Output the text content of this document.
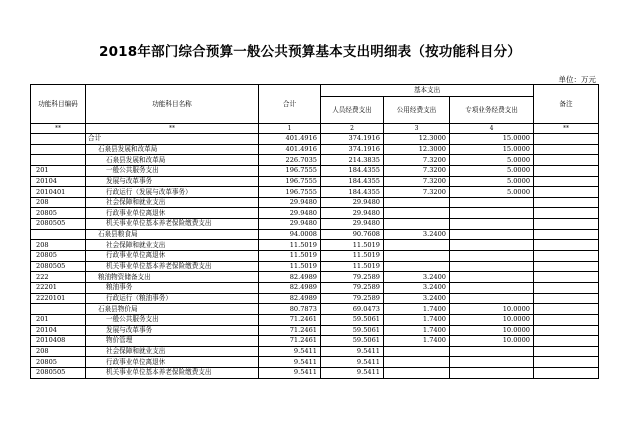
2018年部门综合预算一般公共预算基本支出明细表（按功能科目分）
单位：万元
功能科目编码	功能科目名称	合计	基本支出			备注
			人员经费支出	公用经费支出	专项业务经费支出	
**	**	1	2	3	4	**
	合计	401.4916	374.1916	12.3000	15.0000	
	石泉县发展和改革局	401.4916	374.1916	12.3000	15.0000	
	石泉县发展和改革局	226.7035	214.3835	7.3200	5.0000	
201	一般公共服务支出	196.7555	184.4355	7.3200	5.0000	
20104	发展与改革事务	196.7555	184.4355	7.3200	5.0000	
2010401	行政运行（发展与改革事务）	196.7555	184.4355	7.3200	5.0000	
208	社会保障和就业支出	29.9480	29.9480			
20805	行政事业单位离退休	29.9480	29.9480			
2080505	机关事业单位基本养老保险缴费支出	29.9480	29.9480			
	石泉县粮食局	94.0008	90.7608	3.2400		
208	社会保障和就业支出	11.5019	11.5019			
20805	行政事业单位离退休	11.5019	11.5019			
2080505	机关事业单位基本养老保险缴费支出	11.5019	11.5019			
222	粮油物资储备支出	82.4989	79.2589	3.2400		
22201	粮油事务	82.4989	79.2589	3.2400		
2220101	行政运行（粮油事务）	82.4989	79.2589	3.2400		
	石泉县物价局	80.7873	69.0473	1.7400	10.0000	
201	一般公共服务支出	71.2461	59.5061	1.7400	10.0000	
20104	发展与改革事务	71.2461	59.5061	1.7400	10.0000	
2010408	物价管理	71.2461	59.5061	1.7400	10.0000	
208	社会保障和就业支出	9.5411	9.5411			
20805	行政事业单位离退休	9.5411	9.5411			
2080505	机关事业单位基本养老保险缴费支出	9.5411	9.5411			
